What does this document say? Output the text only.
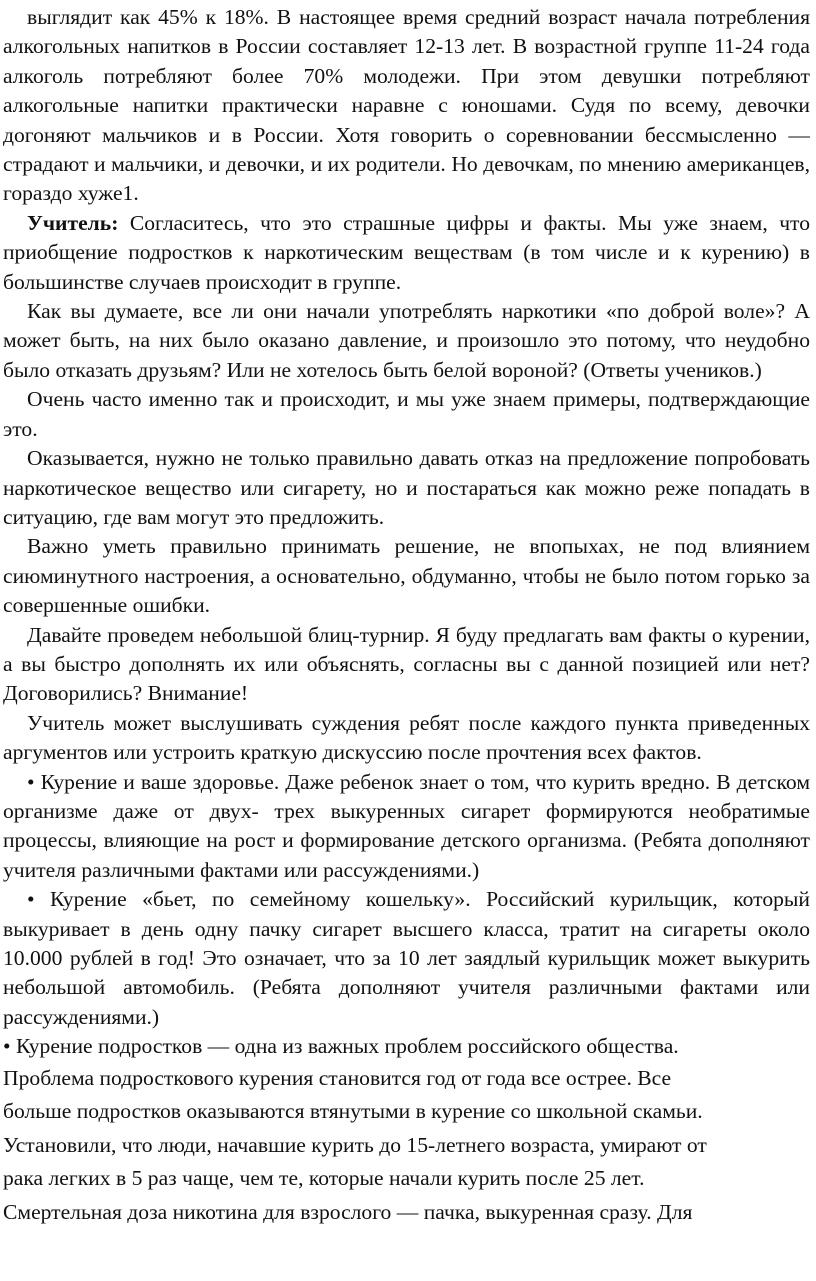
выглядит как 45% к 18%. В настоящее время средний возраст начала потребления алкогольных напитков в России составляет 12-13 лет. В возрастной группе 11-24 года алкоголь потребляют более 70% молодежи. При этом девушки потребляют алкогольные напитки практически наравне с юношами. Судя по всему, девочки догоняют мальчиков и в России. Хотя говорить о соревновании бессмысленно — страдают и мальчики, и девочки, и их родители. Но девочкам, по мнению американцев, гораздо хуже1.

Учитель: Согласитесь, что это страшные цифры и факты. Мы уже знаем, что приобщение подростков к наркотическим веществам (в том числе и к курению) в большинстве случаев происходит в группе.

Как вы думаете, все ли они начали употреблять наркотики «по доброй воле»? А может быть, на них было оказано давление, и произошло это потому, что неудобно было отказать друзьям? Или не хотелось быть белой вороной? (Ответы учеников.)

Очень часто именно так и происходит, и мы уже знаем примеры, подтверждающие это.

Оказывается, нужно не только правильно давать отказ на предложение попробовать наркотическое вещество или сигарету, но и постараться как можно реже попадать в ситуацию, где вам могут это предложить.

Важно уметь правильно принимать решение, не впопыхах, не под влиянием сиюминутного настроения, а основательно, обдуманно, чтобы не было потом горько за совершенные ошибки.

Давайте проведем небольшой блиц-турнир. Я буду предлагать вам факты о курении, а вы быстро дополнять их или объяснять, согласны вы с данной позицией или нет? Договорились? Внимание!

Учитель может выслушивать суждения ребят после каждого пункта приведенных аргументов или устроить краткую дискуссию после прочтения всех фактов.

• Курение и ваше здоровье. Даже ребенок знает о том, что курить вредно. В детском организме даже от двух- трех выкуренных сигарет формируются необратимые процессы, влияющие на рост и формирование детского организма. (Ребята дополняют учителя различными фактами или рассуждениями.)

• Курение «бьет, по семейному кошельку». Российский курильщик, который выкуривает в день одну пачку сигарет высшего класса, тратит на сигареты около 10.000 рублей в год! Это означает, что за 10 лет заядлый курильщик может выкурить небольшой автомобиль. (Ребята дополняют учителя различными фактами или рассуждениями.)

• Курение подростков — одна из важных проблем российского общества.

Проблема подросткового курения становится год от года все острее. Все
больше подростков оказываются втянутыми в курение со школьной скамьи.
Установили, что люди, начавшие курить до 15-летнего возраста, умирают от
рака легких в 5 раз чаще, чем те, которые начали курить после 25 лет.
Смертельная доза никотина для взрослого — пачка, выкуренная сразу. Для
